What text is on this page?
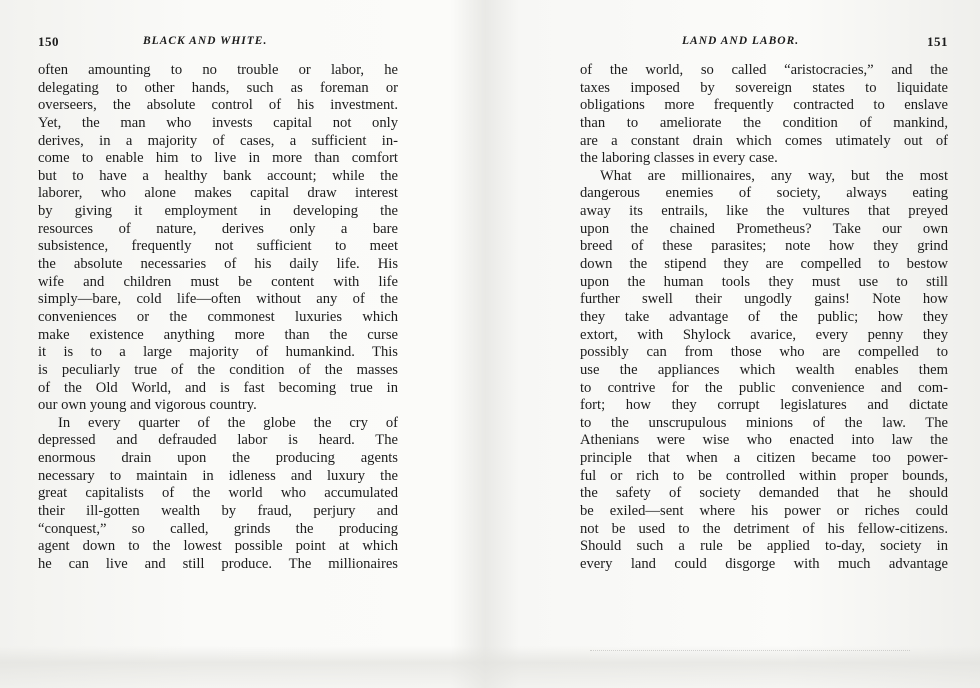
150	BLACK AND WHITE.
often amounting to no trouble or labor, he
delegating to other hands, such as foreman or
overseers, the absolute control of his investment.
Yet, the man who invests capital not only
derives, in a majority of cases, a sufficient in-
come to enable him to live in more than comfort
but to have a healthy bank account; while the
laborer, who alone makes capital draw interest
by giving it employment in developing the
resources of nature, derives only a bare
subsistence, frequently not sufficient to meet
the absolute necessaries of his daily life. His
wife and children must be content with life
simply—bare, cold life—often without any of the
conveniences or the commonest luxuries which
make existence anything more than the curse
it is to a large majority of humankind. This
is peculiarly true of the condition of the masses
of the Old World, and is fast becoming true in
our own young and vigorous country.
In every quarter of the globe the cry of
depressed and defrauded labor is heard. The
enormous drain upon the producing agents
necessary to maintain in idleness and luxury the
great capitalists of the world who accumulated
their ill-gotten wealth by fraud, perjury and
“conquest,” so called, grinds the producing
agent down to the lowest possible point at which
he can live and still produce. The millionaires
LAND AND LABOR.	151
of the world, so called “aristocracies,” and the
taxes imposed by sovereign states to liquidate
obligations more frequently contracted to enslave
than to ameliorate the condition of mankind,
are a constant drain which comes utimately out of
the laboring classes in every case.
What are millionaires, any way, but the most
dangerous enemies of society, always eating
away its entrails, like the vultures that preyed
upon the chained Prometheus? Take our own
breed of these parasites; note how they grind
down the stipend they are compelled to bestow
upon the human tools they must use to still
further swell their ungodly gains! Note how
they take advantage of the public; how they
extort, with Shylock avarice, every penny they
possibly can from those who are compelled to
use the appliances which wealth enables them
to contrive for the public convenience and com-
fort; how they corrupt legislatures and dictate
to the unscrupulous minions of the law. The
Athenians were wise who enacted into law the
principle that when a citizen became too power-
ful or rich to be controlled within proper bounds,
the safety of society demanded that he should
be exiled—sent where his power or riches could
not be used to the detriment of his fellow-citizens.
Should such a rule be applied to-day, society in
every land could disgorge with much advantage
